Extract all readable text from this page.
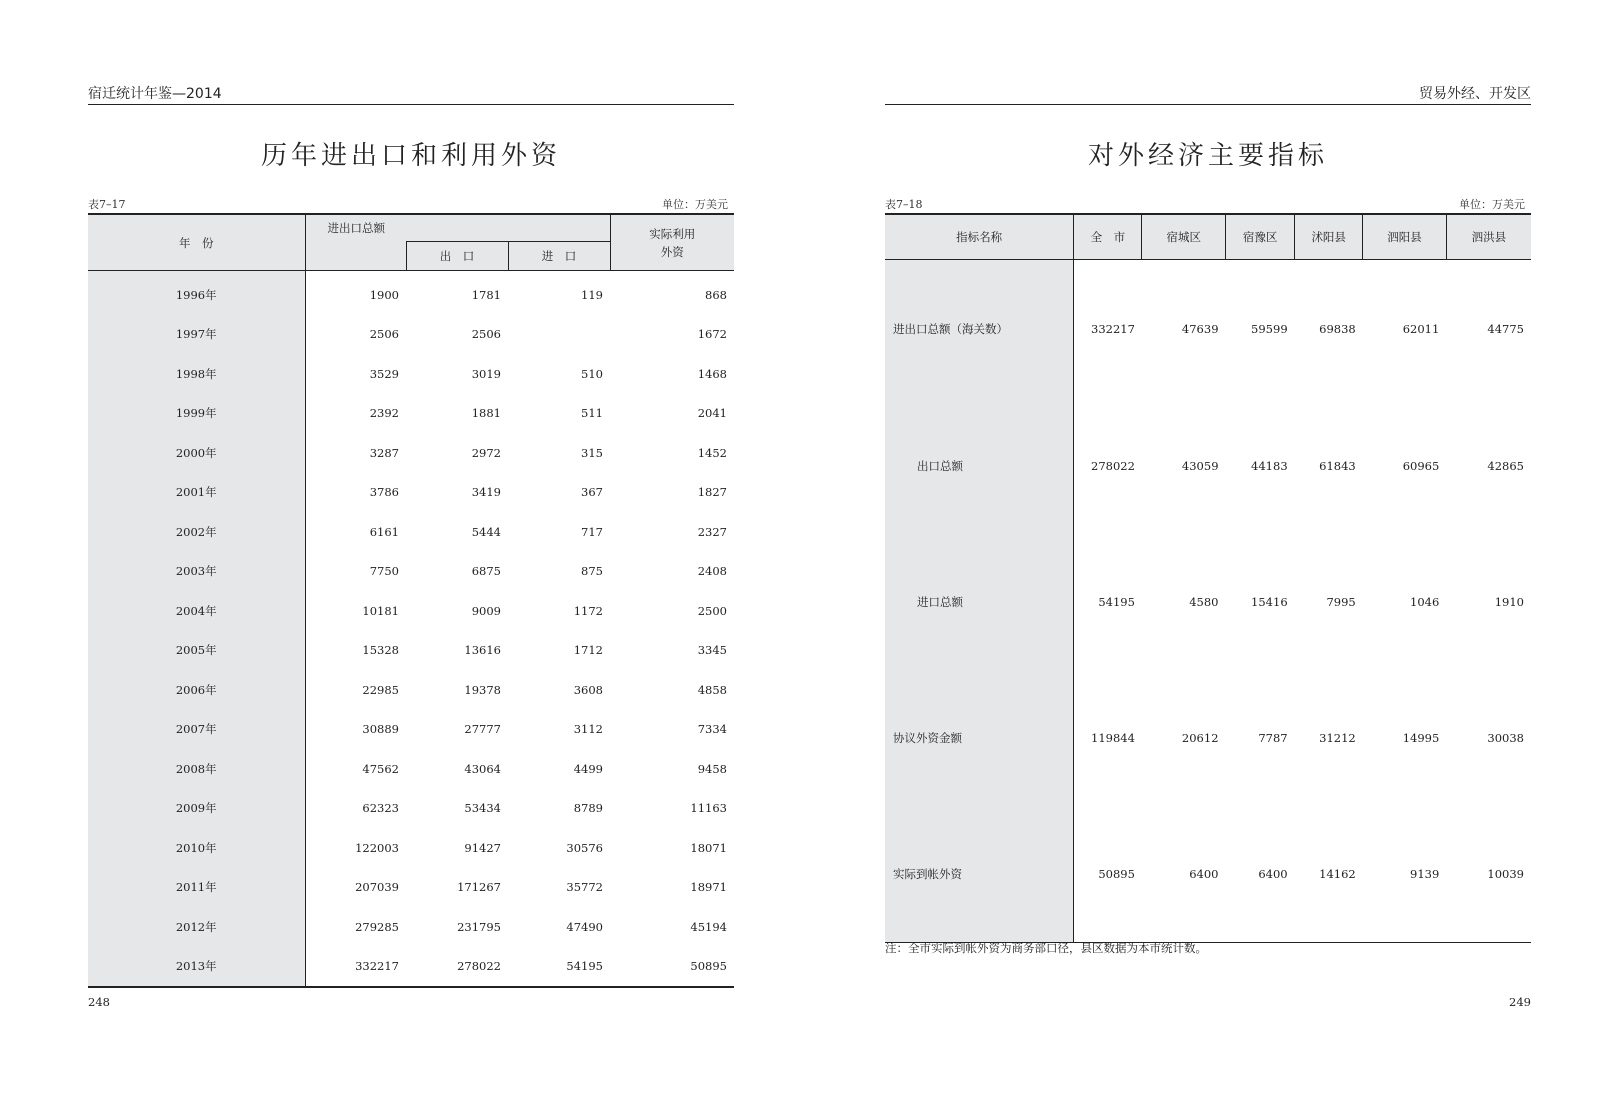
宿迁统计年鉴—2014
历年进出口和利用外资
表7–17	单位：万美元
年　份	进出口总额			实际利用
外资
		出　口	进　口	
1996年	1900	1781	119	868
1997年	2506	2506		1672
1998年	3529	3019	510	1468
1999年	2392	1881	511	2041
2000年	3287	2972	315	1452
2001年	3786	3419	367	1827
2002年	6161	5444	717	2327
2003年	7750	6875	875	2408
2004年	10181	9009	1172	2500
2005年	15328	13616	1712	3345
2006年	22985	19378	3608	4858
2007年	30889	27777	3112	7334
2008年	47562	43064	4499	9458
2009年	62323	53434	8789	11163
2010年	122003	91427	30576	18071
2011年	207039	171267	35772	18971
2012年	279285	231795	47490	45194
2013年	332217	278022	54195	50895
248
贸易外经、开发区
对外经济主要指标
表7–18	单位：万美元
指标名称	全　市	宿城区	宿豫区	沭阳县	泗阳县	泗洪县
进出口总额（海关数）	332217	47639	59599	69838	62011	44775
出口总额	278022	43059	44183	61843	60965	42865
进口总额	54195	4580	15416	7995	1046	1910
协议外资金额	119844	20612	7787	31212	14995	30038
实际到帐外资	50895	6400	6400	14162	9139	10039
注：全市实际到帐外资为商务部口径，县区数据为本市统计数。
249
